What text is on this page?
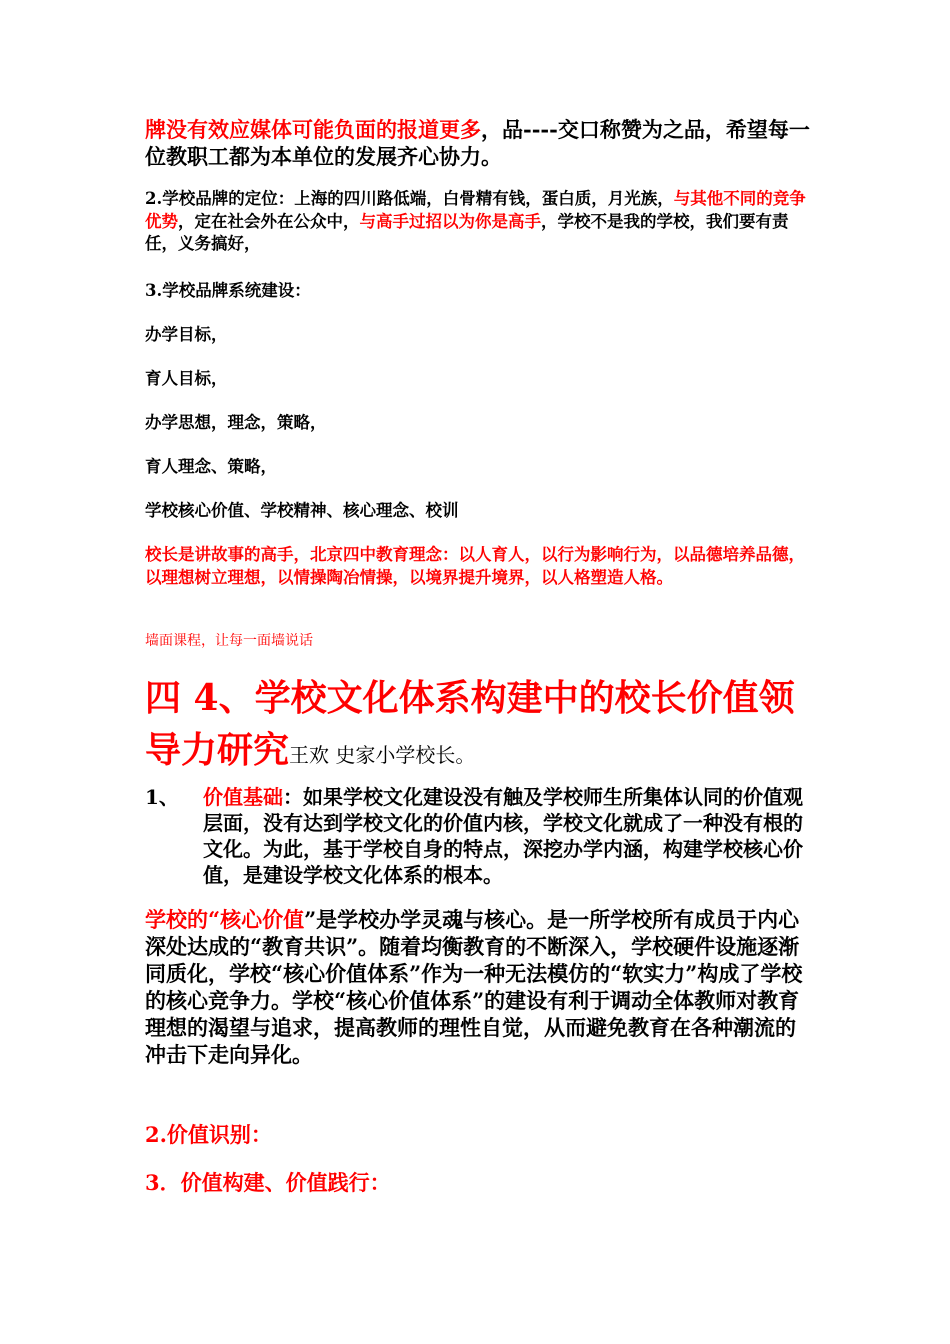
牌没有效应媒体可能负面的报道更多，品----交口称赞为之品，希望每一位教职工都为本单位的发展齐心协力。

2.学校品牌的定位：上海的四川路低端，白骨精有钱，蛋白质，月光族，与其他不同的竞争优势，定在社会外在公众中，与高手过招以为你是高手，学校不是我的学校，我们要有责任，义务搞好，

3.学校品牌系统建设：

办学目标，

育人目标，

办学思想，理念，策略，

育人理念、策略，

学校核心价值、学校精神、核心理念、校训

校长是讲故事的高手，北京四中教育理念：以人育人，以行为影响行为，以品德培养品德，以理想树立理想，以情操陶冶情操，以境界提升境界，以人格塑造人格。

墙面课程，让每一面墙说话

四 4、学校文化体系构建中的校长价值领导力研究王欢 史家小学校长。

1、 价值基础：如果学校文化建设没有触及学校师生所集体认同的价值观层面，没有达到学校文化的价值内核，学校文化就成了一种没有根的文化。为此，基于学校自身的特点，深挖办学内涵，构建学校核心价值，是建设学校文化体系的根本。

学校的“核心价值”是学校办学灵魂与核心。是一所学校所有成员于内心深处达成的“教育共识”。随着均衡教育的不断深入，学校硬件设施逐渐同质化，学校“核心价值体系”作为一种无法模仿的“软实力”构成了学校的核心竞争力。学校“核心价值体系”的建设有利于调动全体教师对教育理想的渴望与追求，提高教师的理性自觉，从而避免教育在各种潮流的冲击下走向异化。

2.价值识别：

3．价值构建、价值践行：
